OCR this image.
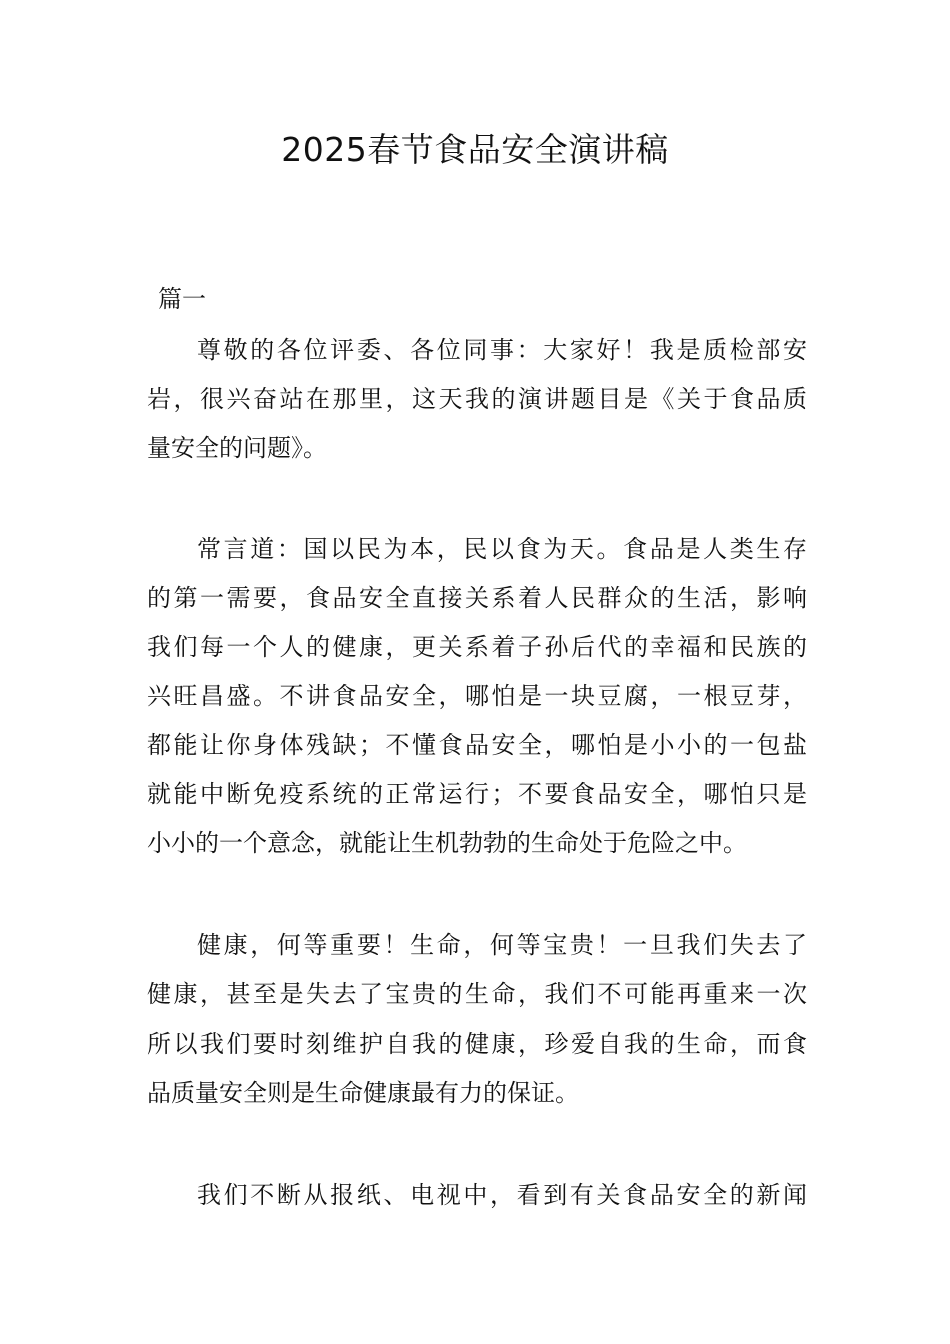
2025春节食品安全演讲稿
篇一

尊敬的各位评委、各位同事：大家好！我是质检部安

岩，很兴奋站在那里，这天我的演讲题目是《关于食品质

量安全的问题》。

常言道：国以民为本，民以食为天。食品是人类生存

的第一需要，食品安全直接关系着人民群众的生活，影响

我们每一个人的健康，更关系着子孙后代的幸福和民族的

兴旺昌盛。不讲食品安全，哪怕是一块豆腐，一根豆芽，

都能让你身体残缺；不懂食品安全，哪怕是小小的一包盐

就能中断免疫系统的正常运行；不要食品安全，哪怕只是

小小的一个意念，就能让生机勃勃的生命处于危险之中。

健康，何等重要！生命，何等宝贵！一旦我们失去了

健康，甚至是失去了宝贵的生命，我们不可能再重来一次

所以我们要时刻维护自我的健康，珍爱自我的生命，而食

品质量安全则是生命健康最有力的保证。

我们不断从报纸、电视中，看到有关食品安全的新闻
